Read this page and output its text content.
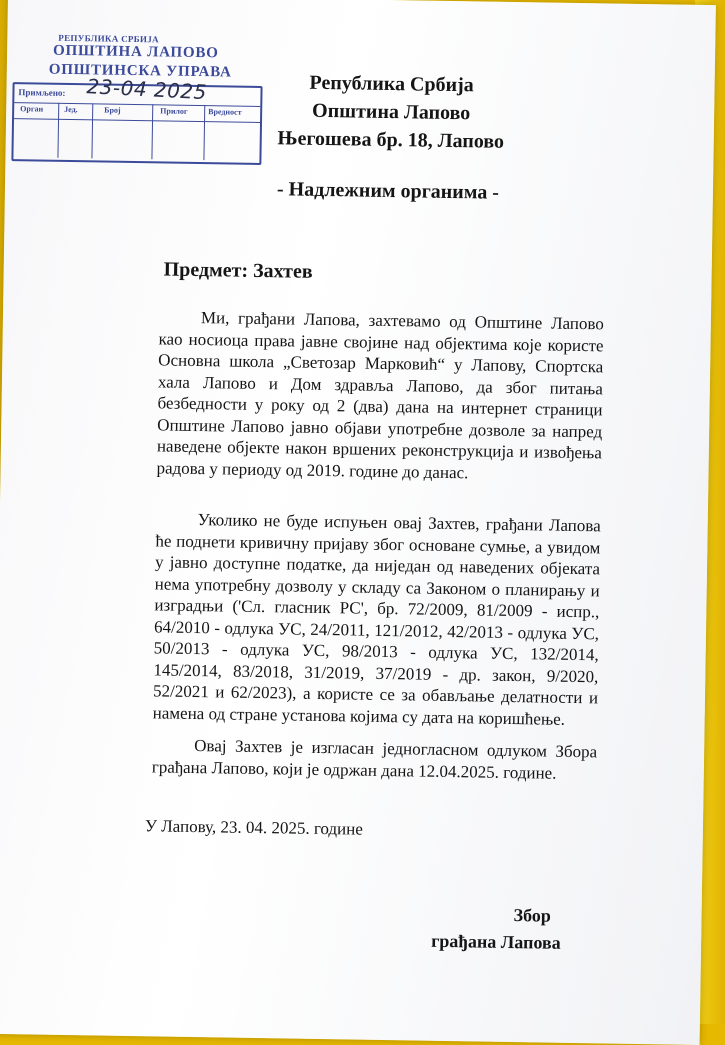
РЕПУБЛИКА СРБИЈА
ОПШТИНА ЛАПОВО
ОПШТИНСКА УПРАВА
Примљено: 23-04 2025
Орган	Јед.	Број	Прилог	Вредност
Република Србија
Општина Лапово
Његошева бр. 18, Лапово
- Надлежним органима -
Предмет: Захтев
Ми, грађани Лапова, захтевамо од Општине Лапово као носиоца права јавне својине над објектима које користе Основна школа „Светозар Марковић“ у Лапову, Спортска хала Лапово и Дом здравља Лапово, да због питања безбедности у року од 2 (два) дана на интернет страници Општине Лапово јавно објави употребне дозволе за напред наведене објекте након вршених реконструкција и извођења радова у периоду од 2019. године до данас.
Уколико не буде испуњен овај Захтев, грађани Лапова ће поднети кривичну пријаву због основане сумње, а увидом у јавно доступне податке, да нијeдан од наведених објеката нема употребну дозволу у складу са Законом о планирању и изградњи ('Сл. гласник РС', бр. 72/2009, 81/2009 - испр., 64/2010 - одлука УС, 24/2011, 121/2012, 42/2013 - одлука УС, 50/2013 - одлука УС, 98/2013 - одлука УС, 132/2014, 145/2014, 83/2018, 31/2019, 37/2019 - др. закон, 9/2020, 52/2021 и 62/2023), а користе се за обављање делатности и намена од стране установа којима су дата на коришћење.
Овај Захтев је изгласан једногласном одлуком Збора грађана Лапово, који је одржан дана 12.04.2025. године.
У Лапову, 23. 04. 2025. године
Збор
грађана Лапова
